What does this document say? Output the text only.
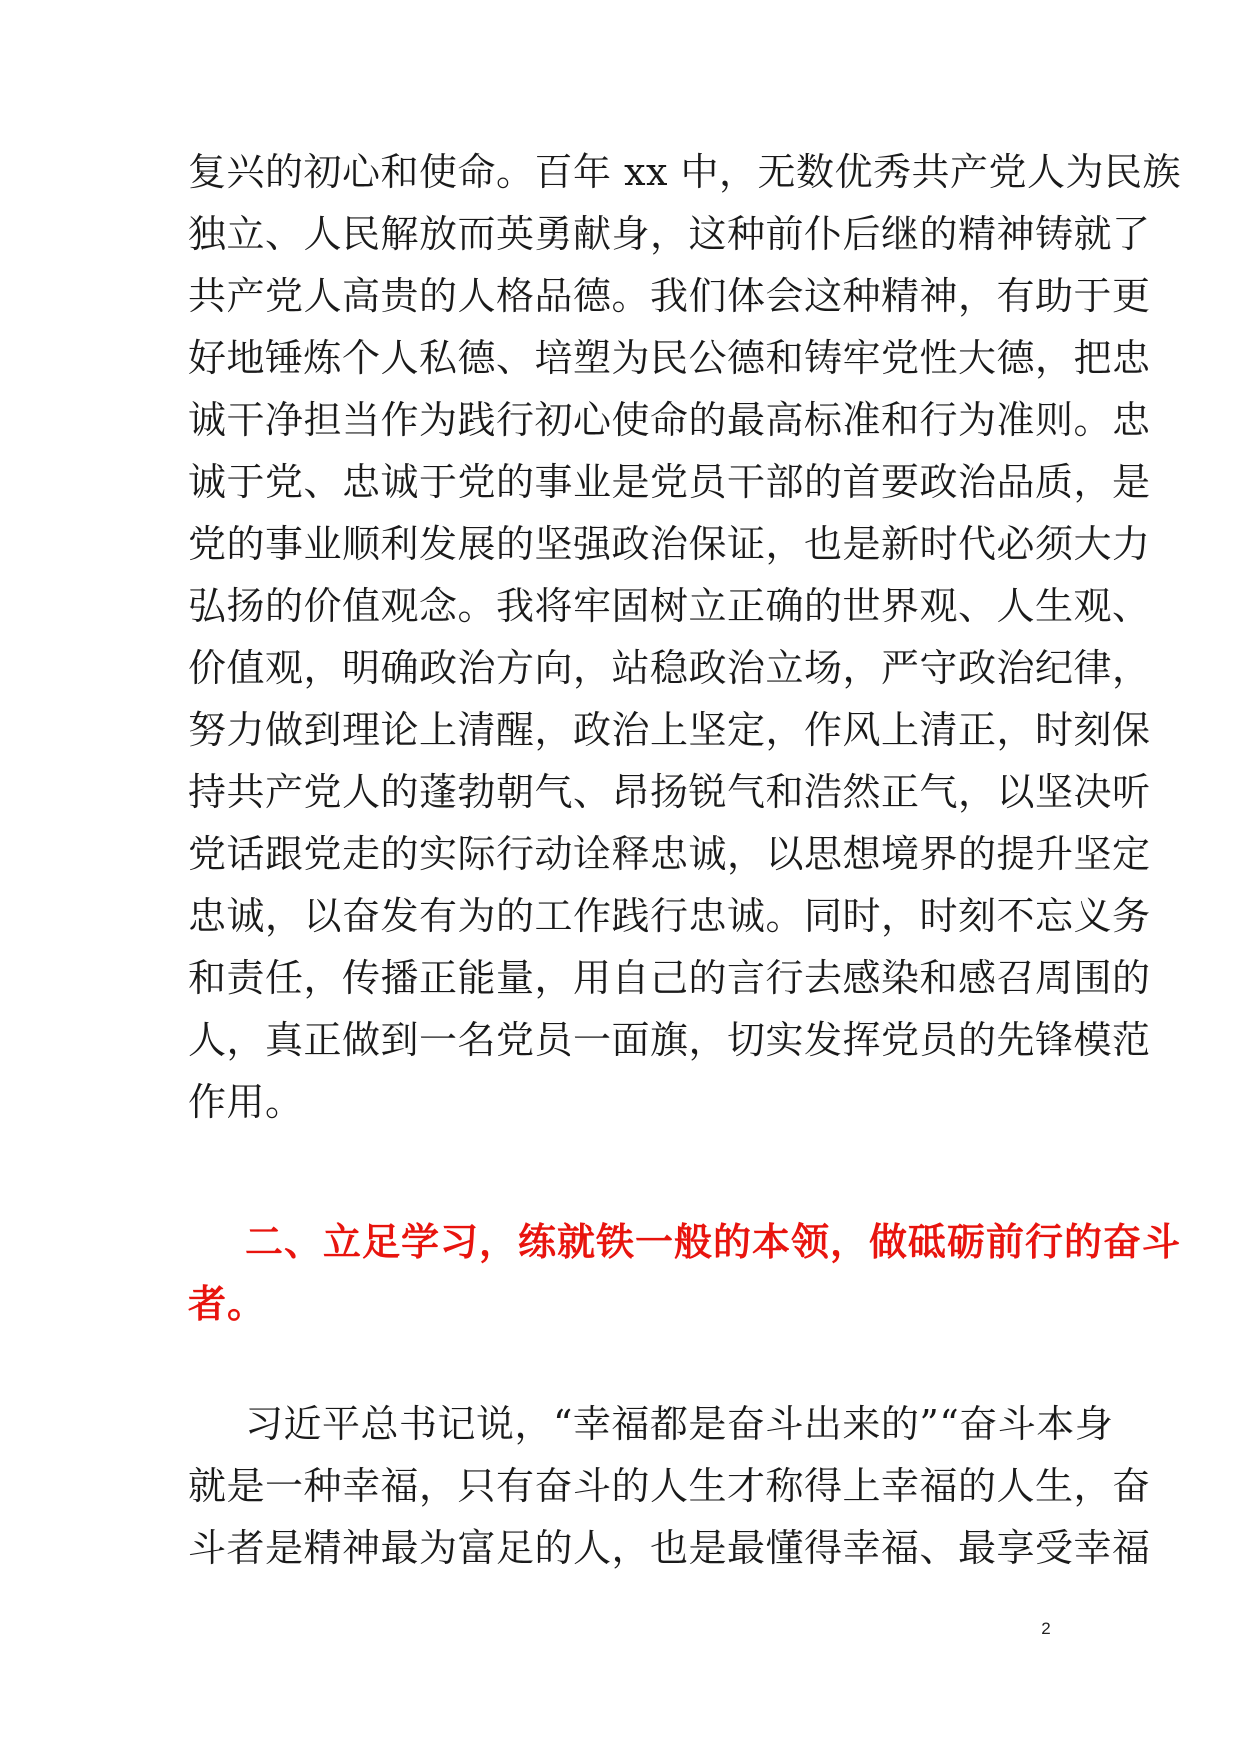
复兴的初心和使命。百年 xx 中，无数优秀共产党人为民族
独立、人民解放而英勇献身，这种前仆后继的精神铸就了
共产党人高贵的人格品德。我们体会这种精神，有助于更
好地锤炼个人私德、培塑为民公德和铸牢党性大德，把忠
诚干净担当作为践行初心使命的最高标准和行为准则。忠
诚于党、忠诚于党的事业是党员干部的首要政治品质，是
党的事业顺利发展的坚强政治保证，也是新时代必须大力
弘扬的价值观念。我将牢固树立正确的世界观、人生观、
价值观，明确政治方向，站稳政治立场，严守政治纪律，
努力做到理论上清醒，政治上坚定，作风上清正，时刻保
持共产党人的蓬勃朝气、昂扬锐气和浩然正气，以坚决听
党话跟党走的实际行动诠释忠诚，以思想境界的提升坚定
忠诚，以奋发有为的工作践行忠诚。同时，时刻不忘义务
和责任，传播正能量，用自己的言行去感染和感召周围的
人，真正做到一名党员一面旗，切实发挥党员的先锋模范
作用。
二、立足学习，练就铁一般的本领，做砥砺前行的奋斗
者。
习近平总书记说，“幸福都是奋斗出来的”“奋斗本身
就是一种幸福，只有奋斗的人生才称得上幸福的人生，奋
斗者是精神最为富足的人，也是最懂得幸福、最享受幸福
2
